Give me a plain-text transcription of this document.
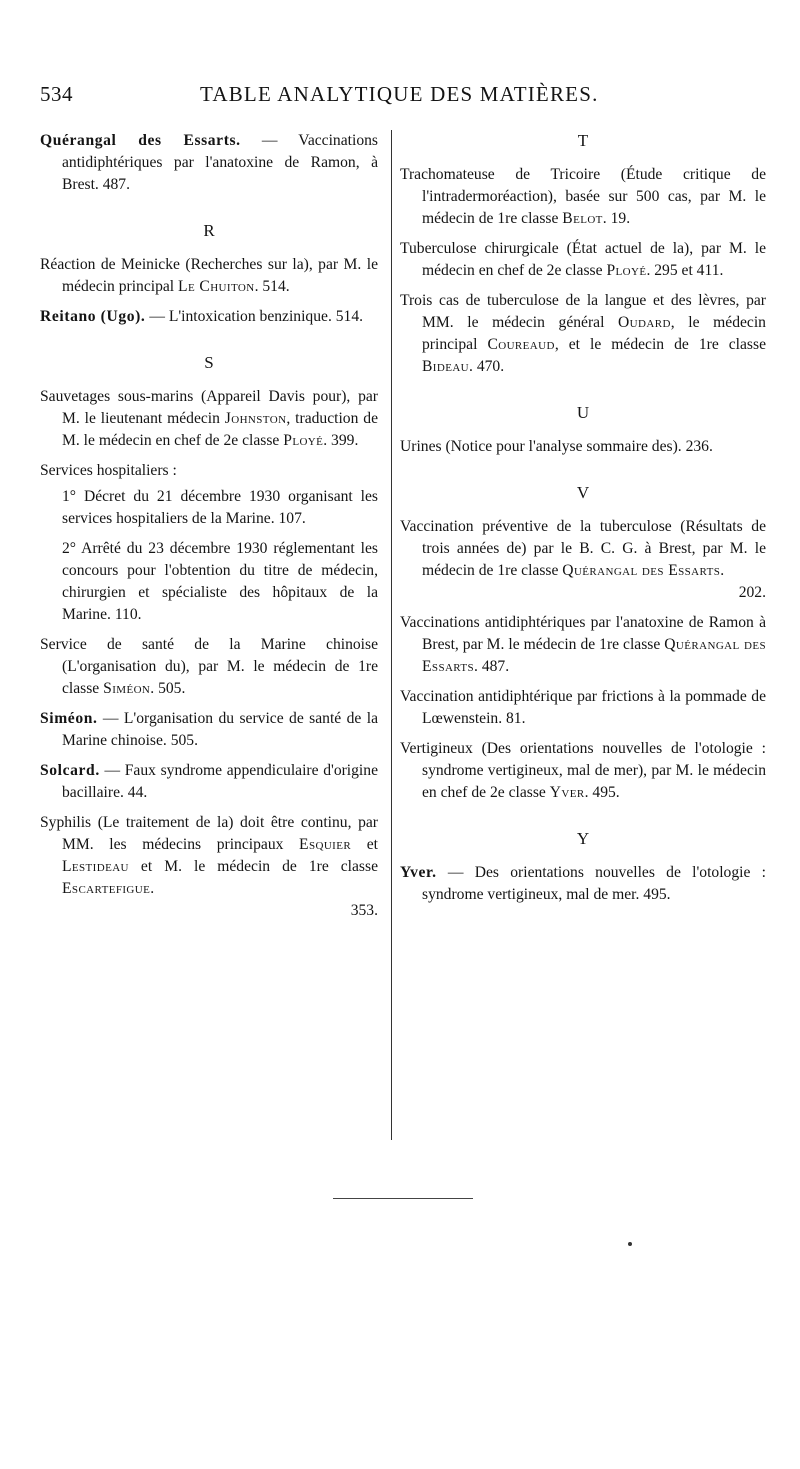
534	TABLE ANALYTIQUE DES MATIÈRES.

Quérangal des Essarts. — Vaccinations antidiphtériques par l'anatoxine de Ramon, à Brest. 487.

R

Réaction de Meinicke (Recherches sur la), par M. le médecin principal Le Chuiton. 514.

Reitano (Ugo). — L'intoxication benzinique. 514.

S

Sauvetages sous-marins (Appareil Davis pour), par M. le lieutenant médecin Johnston, traduction de M. le médecin en chef de 2e classe Ployé. 399.

Services hospitaliers :

1° Décret du 21 décembre 1930 organisant les services hospitaliers de la Marine. 107.

2° Arrêté du 23 décembre 1930 réglementant les concours pour l'obtention du titre de médecin, chirurgien et spécialiste des hôpitaux de la Marine. 110.

Service de santé de la Marine chinoise (L'organisation du), par M. le médecin de 1re classe Siméon. 505.

Siméon. — L'organisation du service de santé de la Marine chinoise. 505.

Solcard. — Faux syndrome appendiculaire d'origine bacillaire. 44.

Syphilis (Le traitement de la) doit être continu, par MM. les médecins principaux Esquier et Lestideau et M. le médecin de 1re classe Escartefigue.
353.

T

Trachomateuse de Tricoire (Étude critique de l'intradermoréaction), basée sur 500 cas, par M. le médecin de 1re classe Belot. 19.

Tuberculose chirurgicale (État actuel de la), par M. le médecin en chef de 2e classe Ployé. 295 et 411.

Trois cas de tuberculose de la langue et des lèvres, par MM. le médecin général Oudard, le médecin principal Coureaud, et le médecin de 1re classe Bideau. 470.

U

Urines (Notice pour l'analyse sommaire des). 236.

V

Vaccination préventive de la tuberculose (Résultats de trois années de) par le B. C. G. à Brest, par M. le médecin de 1re classe Quérangal des Essarts.
202.

Vaccinations antidiphtériques par l'anatoxine de Ramon à Brest, par M. le médecin de 1re classe Quérangal des Essarts. 487.

Vaccination antidiphtérique par frictions à la pommade de Lœwenstein. 81.

Vertigineux (Des orientations nouvelles de l'otologie : syndrome vertigineux, mal de mer), par M. le médecin en chef de 2e classe Yver. 495.

Y

Yver. — Des orientations nouvelles de l'otologie : syndrome vertigineux, mal de mer. 495.
